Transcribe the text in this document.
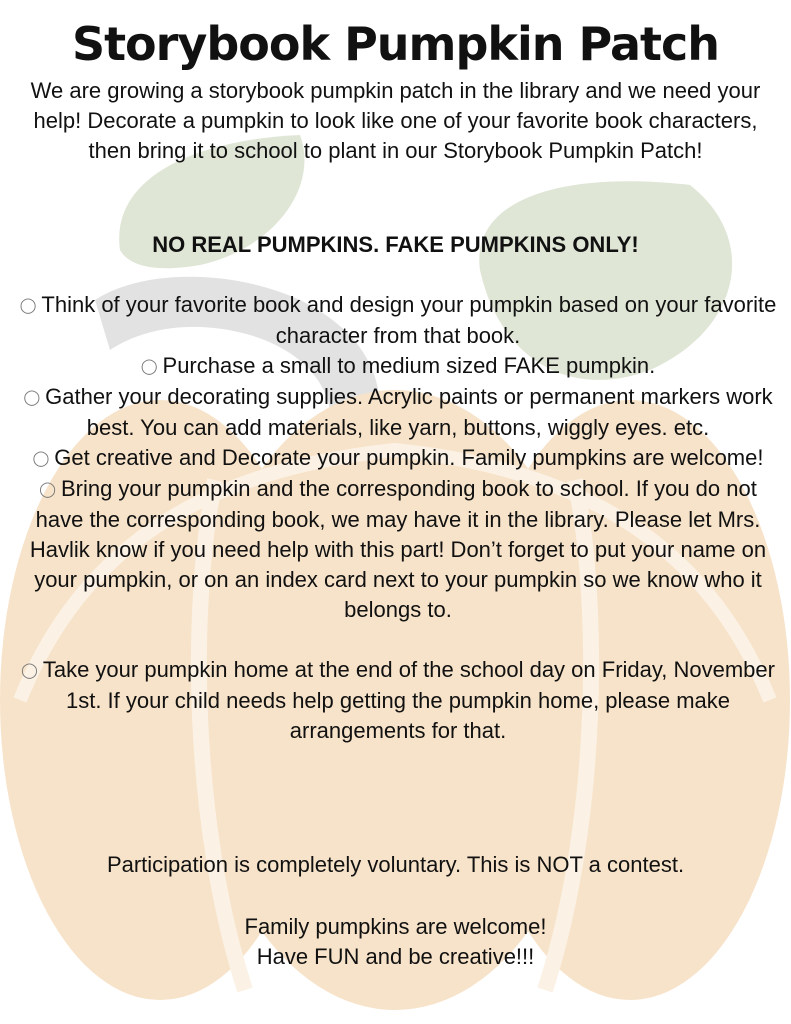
Storybook Pumpkin Patch
We are growing a storybook pumpkin patch in the library and we need your help! Decorate a pumpkin to look like one of your favorite book characters, then bring it to school to plant in our Storybook Pumpkin Patch!
NO REAL PUMPKINS. FAKE PUMPKINS ONLY!

◯ Think of your favorite book and design your pumpkin based on your favorite character from that book.

◯ Purchase a small to medium sized FAKE pumpkin.

◯ Gather your decorating supplies. Acrylic paints or permanent markers work best. You can add materials, like yarn, buttons, wiggly eyes. etc.

◯ Get creative and Decorate your pumpkin. Family pumpkins are welcome!

◯ Bring your pumpkin and the corresponding book to school. If you do not have the corresponding book, we may have it in the library. Please let Mrs. Havlik know if you need help with this part! Don’t forget to put your name on your pumpkin, or on an index card next to your pumpkin so we know who it belongs to.

◯ Take your pumpkin home at the end of the school day on Friday, November 1st. If your child needs help getting the pumpkin home, please make arrangements for that.

Participation is completely voluntary. This is NOT a contest.
Family pumpkins are welcome!
Have FUN and be creative!!!
